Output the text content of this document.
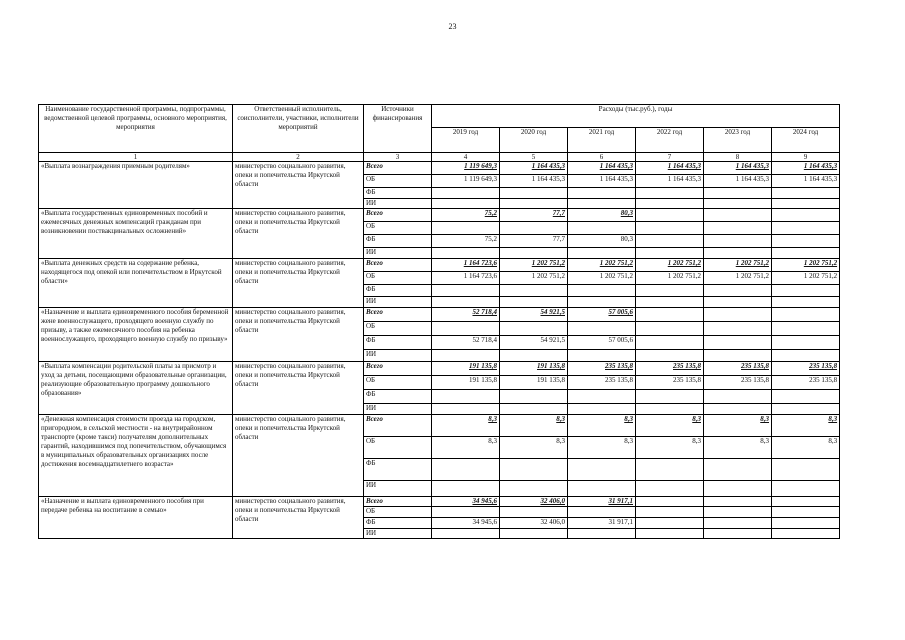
23
Наименование государственной программы, подпрограммы, ведомственной целевой программы, основного мероприятия, мероприятия	Ответственный исполнитель, соисполнители, участники, исполнители мероприятий	Источники финансирования	Расходы (тыс.руб.), годы					
			2019 год	2020 год	2021 год	2022 год	2023 год	2024 год
1	2	3	4	5	6	7	8	9
«Выплата вознаграждения приемным родителям»	министерство социального развития, опеки и попечительства Иркутской области	Всего	1 119 649,3	1 164 435,3	1 164 435,3	1 164 435,3	1 164 435,3	1 164 435,3
		ОБ	1 119 649,3	1 164 435,3	1 164 435,3	1 164 435,3	1 164 435,3	1 164 435,3
		ФБ						
		ИИ						
«Выплата государственных единовременных пособий и ежемесячных денежных компенсаций гражданам при возникновении поствакцинальных осложнений»	министерство социального развития, опеки и попечительства Иркутской области	Всего	75,2	77,7	80,3			
		ОБ						
		ФБ	75,2	77,7	80,3			
		ИИ						
«Выплата денежных средств на содержание ребенка, находящегося под опекой или попечительством в Иркутской области»	министерство социального развития, опеки и попечительства Иркутской области	Всего	1 164 723,6	1 202 751,2	1 202 751,2	1 202 751,2	1 202 751,2	1 202 751,2
		ОБ	1 164 723,6	1 202 751,2	1 202 751,2	1 202 751,2	1 202 751,2	1 202 751,2
		ФБ						
		ИИ						
«Назначение и выплата единовременного пособия беременной жене военнослужащего, проходящего военную службу по призыву, а также ежемесячного пособия на ребенка военнослужащего, проходящего военную службу по призыву»	министерство социального развития, опеки и попечительства Иркутской области	Всего	52 718,4	54 921,5	57 005,6			
		ОБ						
		ФБ	52 718,4	54 921,5	57 005,6			
		ИИ						
«Выплата компенсации родительской платы за присмотр и уход за детьми, посещающими образовательные организации, реализующие образовательную программу дошкольного образования»	министерство социального развития, опеки и попечительства Иркутской области	Всего	191 135,8	191 135,8	235 135,8	235 135,8	235 135,8	235 135,8
		ОБ	191 135,8	191 135,8	235 135,8	235 135,8	235 135,8	235 135,8
		ФБ						
		ИИ						
«Денежная компенсация стоимости проезда на городском, пригородном, в сельской местности - на внутрирайонном транспорте (кроме такси) получателям дополнительных гарантий, находившимся под попечительством, обучающимся в муниципальных образовательных организациях после достижения восемнадцатилетнего возраста»	министерство социального развития, опеки и попечительства Иркутской области	Всего	8,3	8,3	8,3	8,3	8,3	8,3
		ОБ	8,3	8,3	8,3	8,3	8,3	8,3
		ФБ						
		ИИ						
«Назначение и выплата единовременного пособия при передаче ребенка на воспитание в семью»	министерство социального развития, опеки и попечительства Иркутской области	Всего	34 945,6	32 406,0	31 917,1			
		ОБ						
		ФБ	34 945,6	32 406,0	31 917,1			
		ИИ						
